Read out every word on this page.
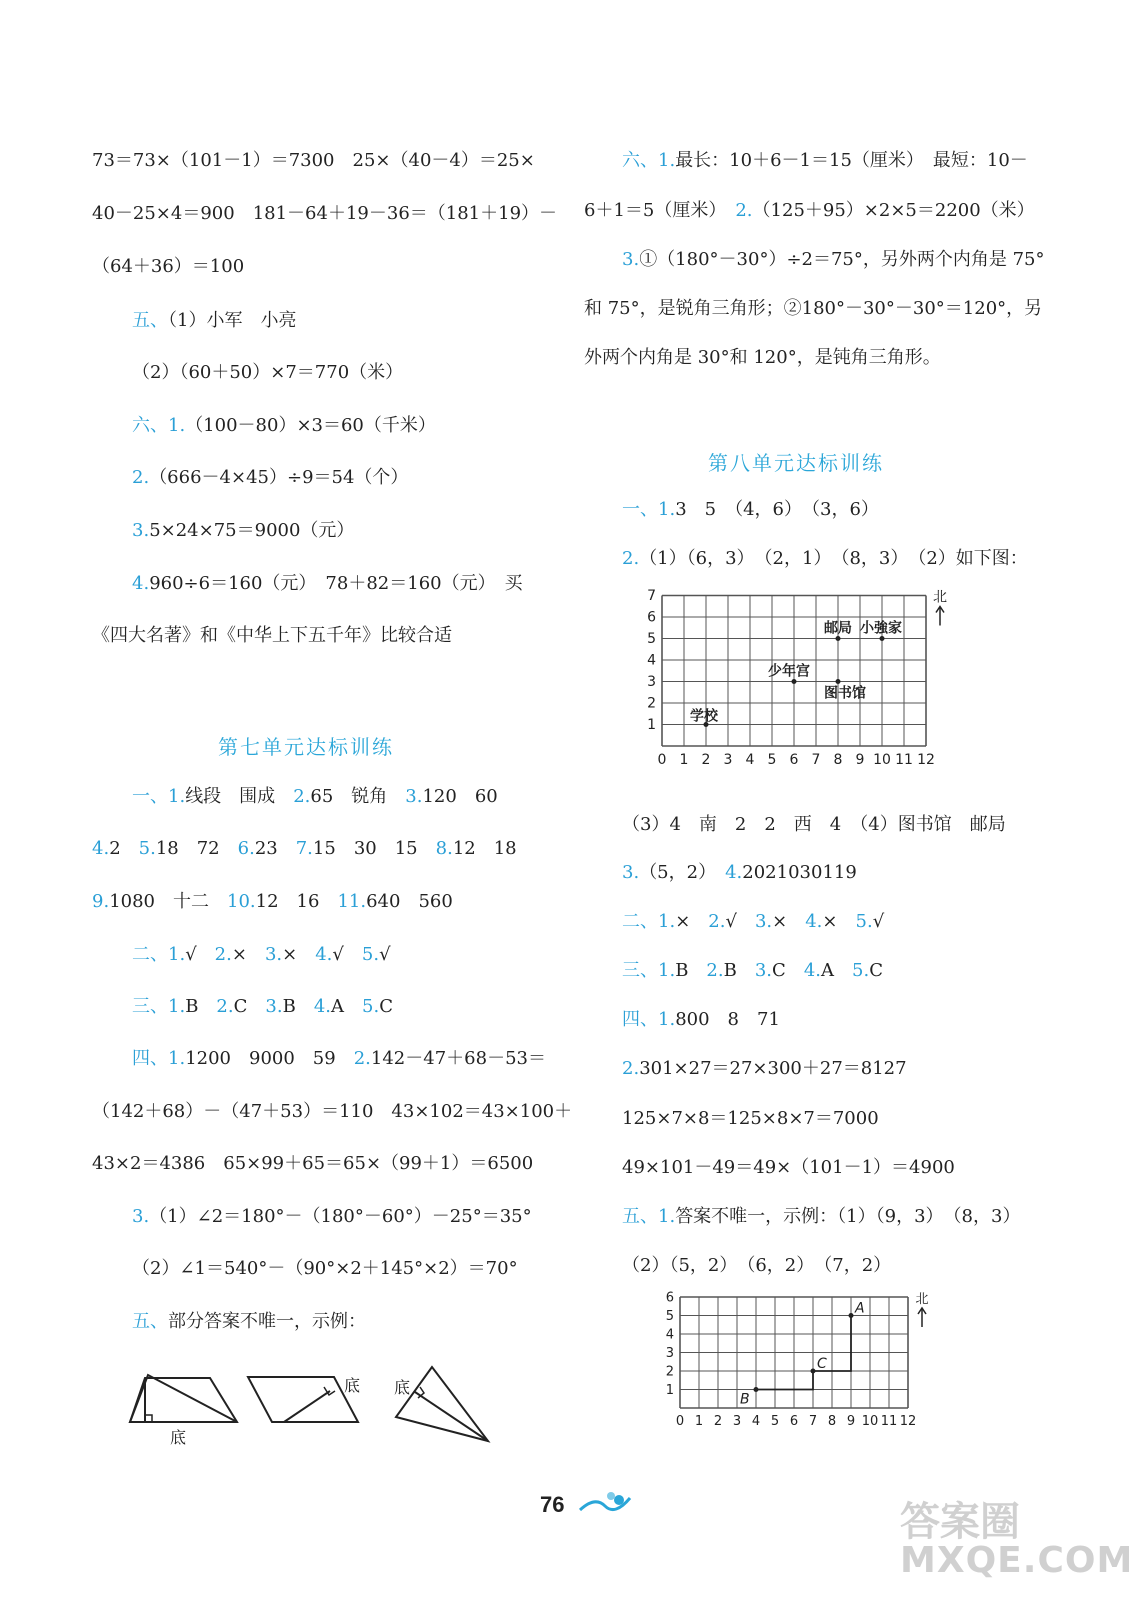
73＝73×（101－1）＝7300　25×（40－4）＝25×
40－25×4＝900　181－64＋19－36＝（181＋19）－
（64＋36）＝100
五、（1）小军　小亮
（2）（60＋50）×7＝770（米）
六、1.（100－80）×3＝60（千米）
2.（666－4×45）÷9＝54（个）
3.5×24×75＝9000（元）
4.960÷6＝160（元）　78＋82＝160（元）　买
《四大名著》和《中华上下五千年》比较合适
第七单元达标训练
一、1.线段　围成　2.65　锐角　3.120　60
4.2　5.18　72　6.23　7.15　30　15　8.12　18
9.1080　十二　10.12　16　11.640　560
二、1.√　2.×　3.×　4.√　5.√
三、1.B　2.C　3.B　4.A　5.C
四、1.1200　9000　59　2.142－47＋68－53＝
（142＋68）－（47＋53）＝110　43×102＝43×100＋
43×2＝4386　65×99＋65＝65×（99＋1）＝6500
3.（1）∠2＝180°－（180°－60°）－25°＝35°
（2）∠1＝540°－（90°×2＋145°×2）＝70°
五、部分答案不唯一，示例：
底
底 底
六、1.最长：10＋6－1＝15（厘米）　最短：10－
6＋1＝5（厘米）　2.（125＋95）×2×5＝2200（米）
3.①（180°－30°）÷2＝75°，另外两个内角是 75°
和 75°，是锐角三角形；②180°－30°－30°＝120°，另
外两个内角是 30°和 120°，是钝角三角形。
第八单元达标训练
一、1.3　5　（4，6）　（3，6）
2.（1）（6，3）　（2，1）　（8，3）　（2）如下图：
0 1 2 3 4 5 6 7 8 9 10 11 12
1
2
3
4
5
6
7	北
学校
少年宫
图书馆
邮局 小強家
（3）4　南　2　2　西　4　（4）图书馆　邮局
3.（5，2）　4.2021030119
二、1.×　2.√　3.×　4.×　5.√
三、1.B　2.B　3.C　4.A　5.C
四、1.800　8　71
2.301×27＝27×300＋27＝8127
125×7×8＝125×8×7＝7000
49×101－49＝49×（101－1）＝4900
五、1.答案不唯一，示例：（1）（9，3）　（8，3）
（2）（5，2）　（6，2）　（7，2）
0 1 2 3 4 5 6 7 8 9 10 11 12
1
2
3
4
5
6	北
A
C
B
76	答案圈
MXQE.COM
